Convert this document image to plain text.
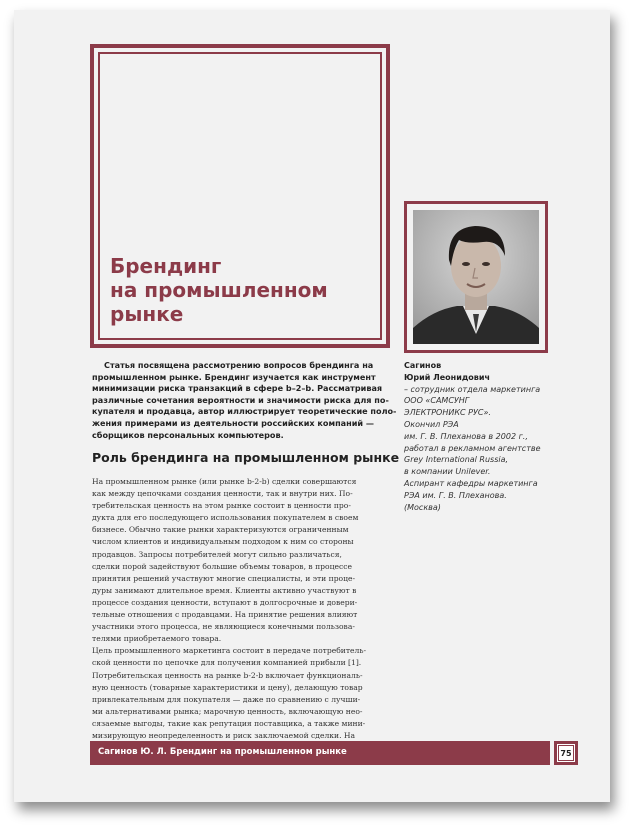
Брендинг
на промышленном
рынке
Статья посвящена рассмотрению вопросов брендинга на
промышленном рынке. Брендинг изучается как инструмент
минимизации риска транзакций в сфере b–2–b. Рассматривая
различные сочетания вероятности и значимости риска для по-
купателя и продавца, автор иллюстрирует теоретические поло-
жения примерами из деятельности российских компаний —
сборщиков персональных компьютеров.
Роль брендинга на промышленном рынке
На промышленном рынке (или рынке b-2-b) сделки совершаются
как между цепочками создания ценности, так и внутри них. По-
требительская ценность на этом рынке состоит в ценности про-
дукта для его последующего использования покупателем в своем
бизнесе. Обычно такие рынки характеризуются ограниченным
числом клиентов и индивидуальным подходом к ним со стороны
продавцов. Запросы потребителей могут сильно различаться,
сделки порой задействуют большие объемы товаров, в процессе
принятия решений участвуют многие специалисты, и эти проце-
дуры занимают длительное время. Клиенты активно участвуют в
процессе создания ценности, вступают в долгосрочные и довери-
тельные отношения с продавцами. На принятие решения влияют
участники этого процесса, не являющиеся конечными пользова-
телями приобретаемого товара.
Цель промышленного маркетинга состоит в передаче потребитель-
ской ценности по цепочке для получения компанией прибыли [1].
Потребительская ценность на рынке b-2-b включает функциональ-
ную ценность (товарные характеристики и цену), делающую товар
привлекательным для покупателя — даже по сравнению с лучши-
ми альтернативами рынка; марочную ценность, включающую нео-
сязаемые выгоды, такие как репутация поставщика, а также мини-
мизирующую неопределенность и риск заключаемой сделки. На
Сагинов
Юрий Леонидович
– сотрудник отдела маркетинга
ООО «САМСУНГ
ЭЛЕКТРОНИКС РУС».
Окончил РЭА
им. Г. В. Плеханова в 2002 г.,
работал в рекламном агентстве
Grey International Russia,
в компании Unilever.
Аспирант кафедры маркетинга
РЭА им. Г. В. Плеханова.
(Москва)
Сагинов Ю. Л. Брендинг на промышленном рынке	75
